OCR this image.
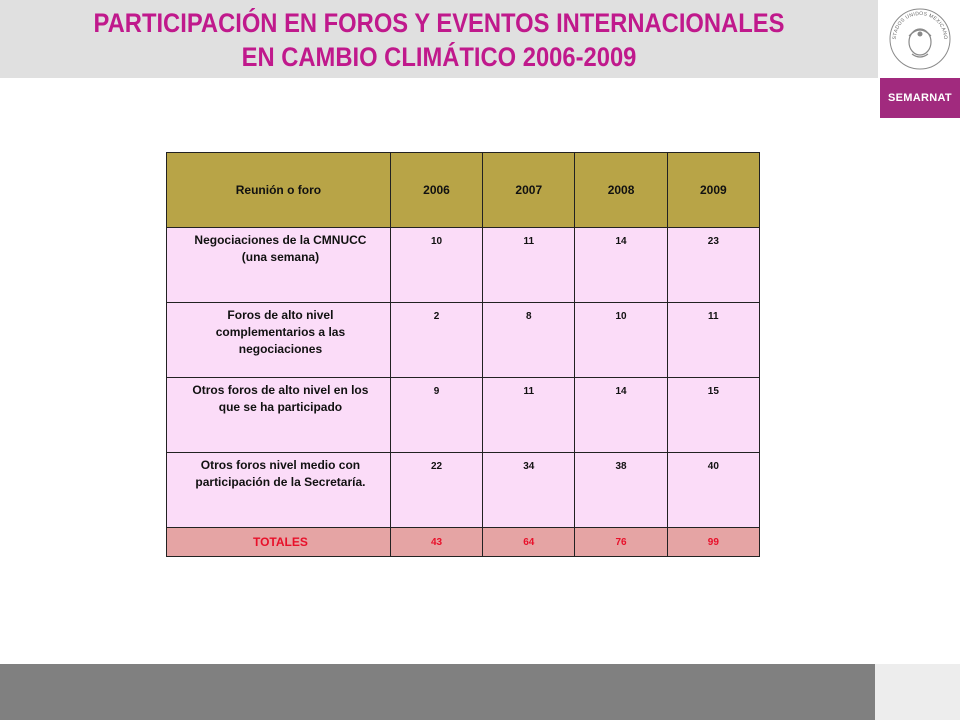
PARTICIPACIÓN EN FOROS Y EVENTOS INTERNACIONALES
EN CAMBIO CLIMÁTICO 2006-2009
STADOS UNIDOS MEXICANO
SEMARNAT
Reunión o foro	2006	2007	2008	2009
Negociaciones de la CMNUCC (una semana)	10	11	14	23
Foros de alto nivel complementarios a las negociaciones	2	8	10	11
Otros foros de alto nivel en los que se ha participado	9	11	14	15
Otros foros nivel medio con participación de la Secretaría.	22	34	38	40
TOTALES	43	64	76	99
